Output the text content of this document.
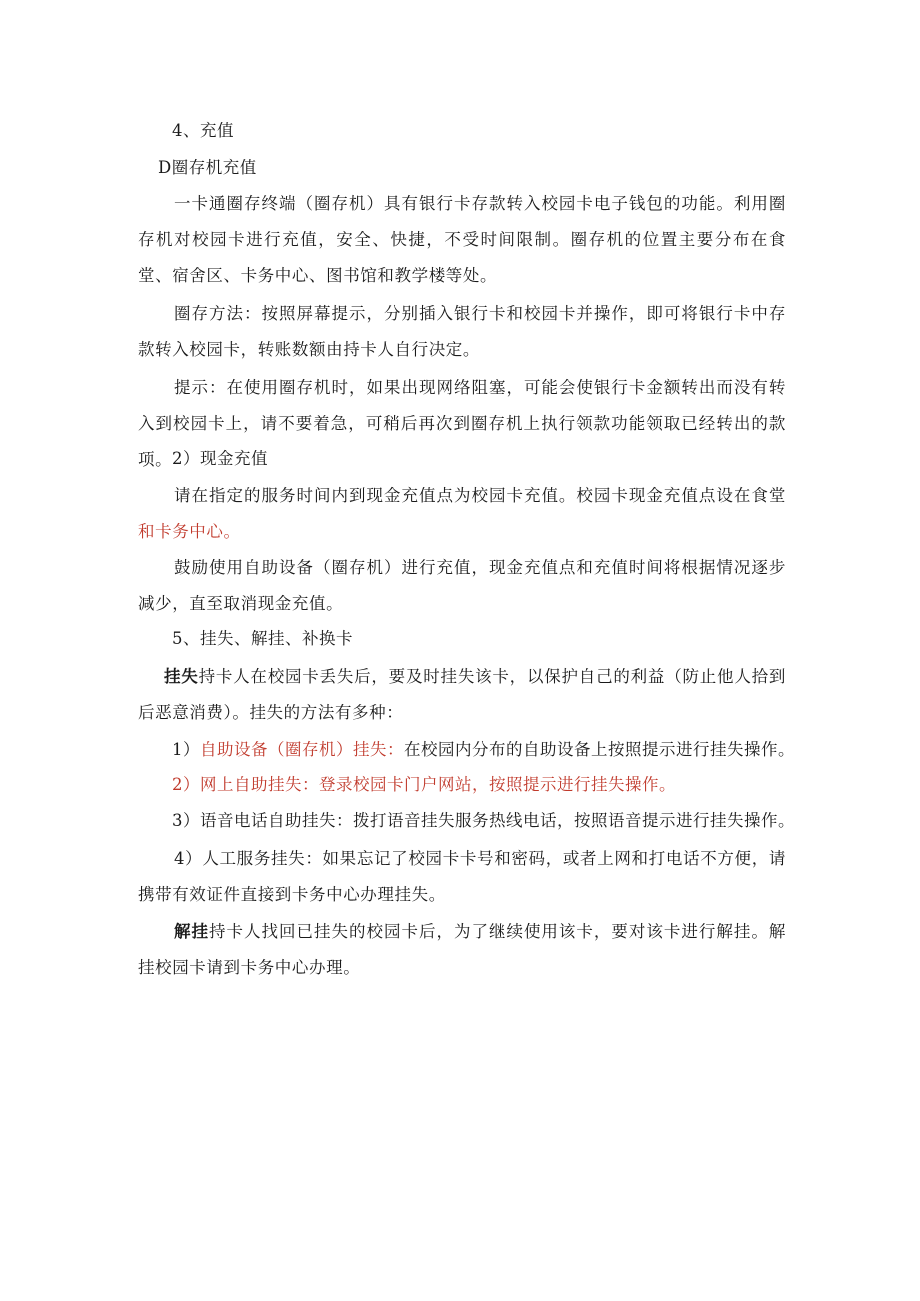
4、充值
D圈存机充值
一卡通圈存终端（圈存机）具有银行卡存款转入校园卡电子钱包的功能。利用圈存机对校园卡进行充值，安全、快捷，不受时间限制。圈存机的位置主要分布在食堂、宿舍区、卡务中心、图书馆和教学楼等处。
圈存方法：按照屏幕提示，分别插入银行卡和校园卡并操作，即可将银行卡中存款转入校园卡，转账数额由持卡人自行决定。
提示：在使用圈存机时，如果出现网络阻塞，可能会使银行卡金额转出而没有转入到校园卡上，请不要着急，可稍后再次到圈存机上执行领款功能领取已经转出的款项。 2）现金充值
请在指定的服务时间内到现金充值点为校园卡充值。校园卡现金充值点设在食堂和卡务中心。
鼓励使用自助设备（圈存机）进行充值，现金充值点和充值时间将根据情况逐步减少，直至取消现金充值。
5、挂失、解挂、补换卡
挂失持卡人在校园卡丢失后，要及时挂失该卡，以保护自己的利益（防止他人拾到后恶意消费）。挂失的方法有多种：
1）自助设备（圈存机）挂失：在校园内分布的自助设备上按照提示进行挂失操作。
2）网上自助挂失：登录校园卡门户网站，按照提示进行挂失操作。
3）语音电话自助挂失：拨打语音挂失服务热线电话，按照语音提示进行挂失操作。
4）人工服务挂失：如果忘记了校园卡卡号和密码，或者上网和打电话不方便，请携带有效证件直接到卡务中心办理挂失。
解挂持卡人找回已挂失的校园卡后，为了继续使用该卡，要对该卡进行解挂。解挂校园卡请到卡务中心办理。
